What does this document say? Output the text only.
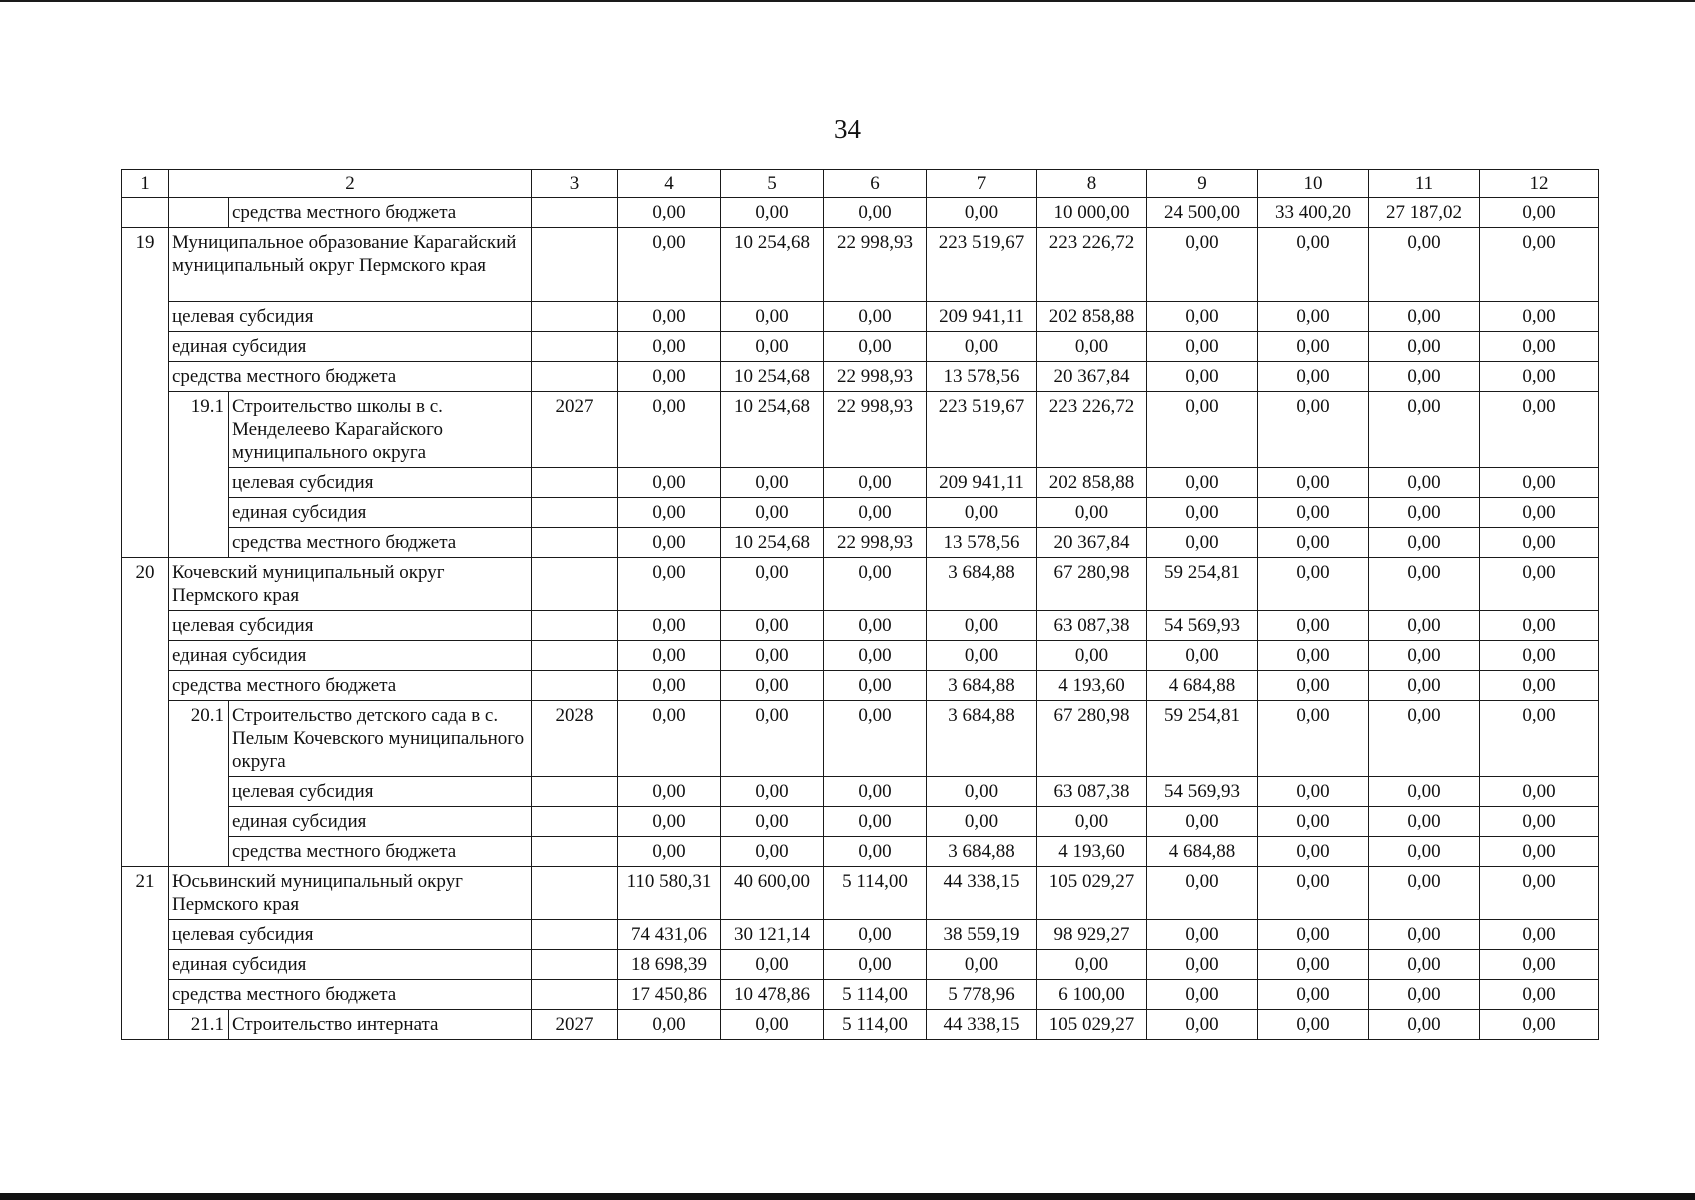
34
1	2		3	4	5	6	7	8	9	10	11	12
		средства местного бюджета		0,00	0,00	0,00	0,00	10 000,00	24 500,00	33 400,20	27 187,02	0,00
19	Муниципальное образование Карагайский муниципальный округ Пермского края			0,00	10 254,68	22 998,93	223 519,67	223 226,72	0,00	0,00	0,00	0,00
	целевая субсидия			0,00	0,00	0,00	209 941,11	202 858,88	0,00	0,00	0,00	0,00
	единая субсидия			0,00	0,00	0,00	0,00	0,00	0,00	0,00	0,00	0,00
	средства местного бюджета			0,00	10 254,68	22 998,93	13 578,56	20 367,84	0,00	0,00	0,00	0,00
	19.1	Строительство школы в с. Менделеево Карагайского муниципального округа	2027	0,00	10 254,68	22 998,93	223 519,67	223 226,72	0,00	0,00	0,00	0,00
		целевая субсидия		0,00	0,00	0,00	209 941,11	202 858,88	0,00	0,00	0,00	0,00
		единая субсидия		0,00	0,00	0,00	0,00	0,00	0,00	0,00	0,00	0,00
		средства местного бюджета		0,00	10 254,68	22 998,93	13 578,56	20 367,84	0,00	0,00	0,00	0,00
20	Кочевский муниципальный округ Пермского края			0,00	0,00	0,00	3 684,88	67 280,98	59 254,81	0,00	0,00	0,00
	целевая субсидия			0,00	0,00	0,00	0,00	63 087,38	54 569,93	0,00	0,00	0,00
	единая субсидия			0,00	0,00	0,00	0,00	0,00	0,00	0,00	0,00	0,00
	средства местного бюджета			0,00	0,00	0,00	3 684,88	4 193,60	4 684,88	0,00	0,00	0,00
	20.1	Строительство детского сада в с. Пелым Кочевского муниципального округа	2028	0,00	0,00	0,00	3 684,88	67 280,98	59 254,81	0,00	0,00	0,00
		целевая субсидия		0,00	0,00	0,00	0,00	63 087,38	54 569,93	0,00	0,00	0,00
		единая субсидия		0,00	0,00	0,00	0,00	0,00	0,00	0,00	0,00	0,00
		средства местного бюджета		0,00	0,00	0,00	3 684,88	4 193,60	4 684,88	0,00	0,00	0,00
21	Юсьвинский муниципальный округ Пермского края			110 580,31	40 600,00	5 114,00	44 338,15	105 029,27	0,00	0,00	0,00	0,00
	целевая субсидия			74 431,06	30 121,14	0,00	38 559,19	98 929,27	0,00	0,00	0,00	0,00
	единая субсидия			18 698,39	0,00	0,00	0,00	0,00	0,00	0,00	0,00	0,00
	средства местного бюджета			17 450,86	10 478,86	5 114,00	5 778,96	6 100,00	0,00	0,00	0,00	0,00
	21.1	Строительство интерната	2027	0,00	0,00	5 114,00	44 338,15	105 029,27	0,00	0,00	0,00	0,00
